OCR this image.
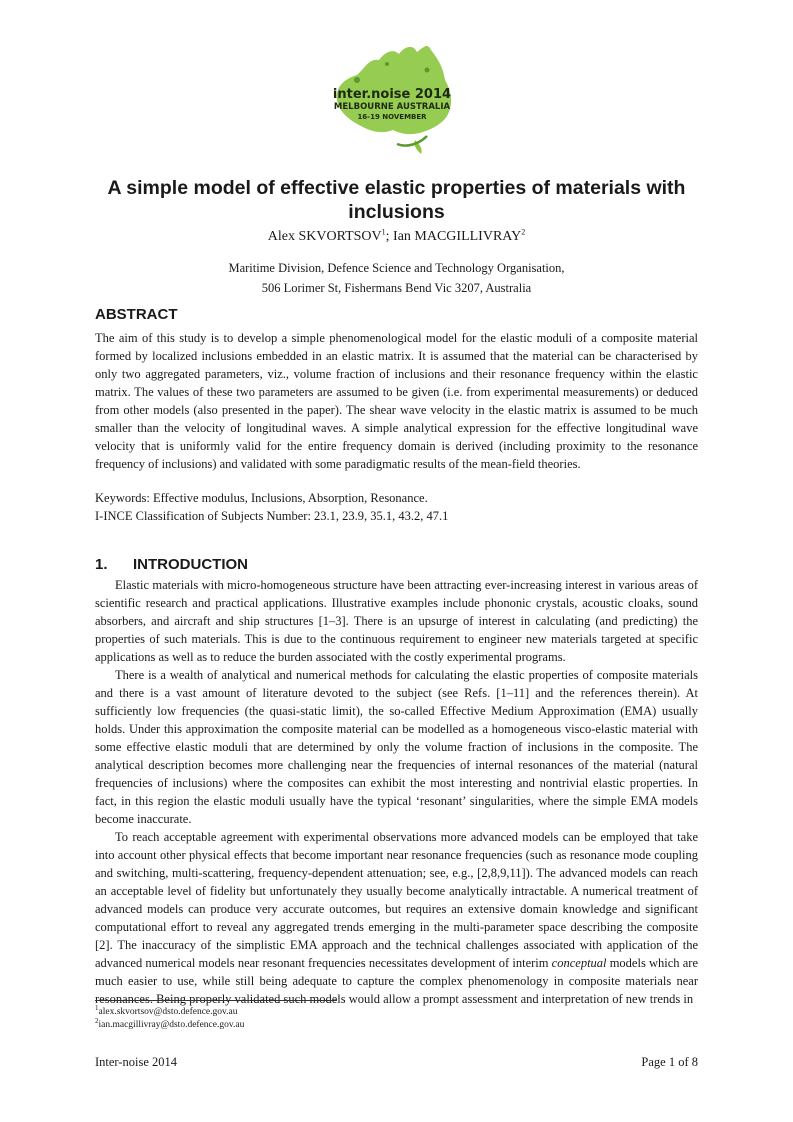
inter.noise 2014
MELBOURNE AUSTRALIA
16-19 NOVEMBER
A simple model of effective elastic properties of materials with inclusions
Alex SKVORTSOV$^1$; Ian MACGILLIVRAY$^2$
Maritime Division, Defence Science and Technology Organisation,
506 Lorimer St, Fishermans Bend Vic 3207, Australia
ABSTRACT

The aim of this study is to develop a simple phenomenological model for the elastic moduli of a composite material formed by localized inclusions embedded in an elastic matrix. It is assumed that the material can be characterised by only two aggregated parameters, viz., volume fraction of inclusions and their resonance frequency within the elastic matrix. The values of these two parameters are assumed to be given (i.e. from experimental measurements) or deduced from other models (also presented in the paper). The shear wave velocity in the elastic matrix is assumed to be much smaller than the velocity of longitudinal waves. A simple analytical expression for the effective longitudinal wave velocity that is uniformly valid for the entire frequency domain is derived (including proximity to the resonance frequency of inclusions) and validated with some paradigmatic results of the mean-field theories.

Keywords: Effective modulus, Inclusions, Absorption, Resonance.

I-INCE Classification of Subjects Number: 23.1, 23.9, 35.1, 43.2, 47.1

1. INTRODUCTION

Elastic materials with micro-homogeneous structure have been attracting ever-increasing interest in various areas of scientific research and practical applications. Illustrative examples include phononic crystals, acoustic cloaks, sound absorbers, and aircraft and ship structures [1–3]. There is an upsurge of interest in calculating (and predicting) the properties of such materials. This is due to the continuous requirement to engineer new materials targeted at specific applications as well as to reduce the burden associated with the costly experimental programs.

There is a wealth of analytical and numerical methods for calculating the elastic properties of composite materials and there is a vast amount of literature devoted to the subject (see Refs. [1–11] and the references therein). At sufficiently low frequencies (the quasi-static limit), the so-called Effective Medium Approximation (EMA) usually holds. Under this approximation the composite material can be modelled as a homogeneous visco-elastic material with some effective elastic moduli that are determined by only the volume fraction of inclusions in the composite. The analytical description becomes more challenging near the frequencies of internal resonances of the material (natural frequencies of inclusions) where the composites can exhibit the most interesting and nontrivial elastic properties. In fact, in this region the elastic moduli usually have the typical ‘resonant’ singularities, where the simple EMA models become inaccurate.

To reach acceptable agreement with experimental observations more advanced models can be employed that take into account other physical effects that become important near resonance frequencies (such as resonance mode coupling and switching, multi-scattering, frequency-dependent attenuation; see, e.g., [2,8,9,11]). The advanced models can reach an acceptable level of fidelity but unfortunately they usually become analytically intractable. A numerical treatment of advanced models can produce very accurate outcomes, but requires an extensive domain knowledge and significant computational effort to reveal any aggregated trends emerging in the multi-parameter space describing the composite [2]. The inaccuracy of the simplistic EMA approach and the technical challenges associated with application of the advanced numerical models near resonant frequencies necessitates development of interim conceptual models which are much easier to use, while still being adequate to capture the complex phenomenology in composite materials near resonances. Being properly validated such models would allow a prompt assessment and interpretation of new trends in

$^1$alex.skvortsov@dsto.defence.gov.au
$^2$ian.macgillivray@dsto.defence.gov.au
Inter-noise 2014	Page 1 of 8
